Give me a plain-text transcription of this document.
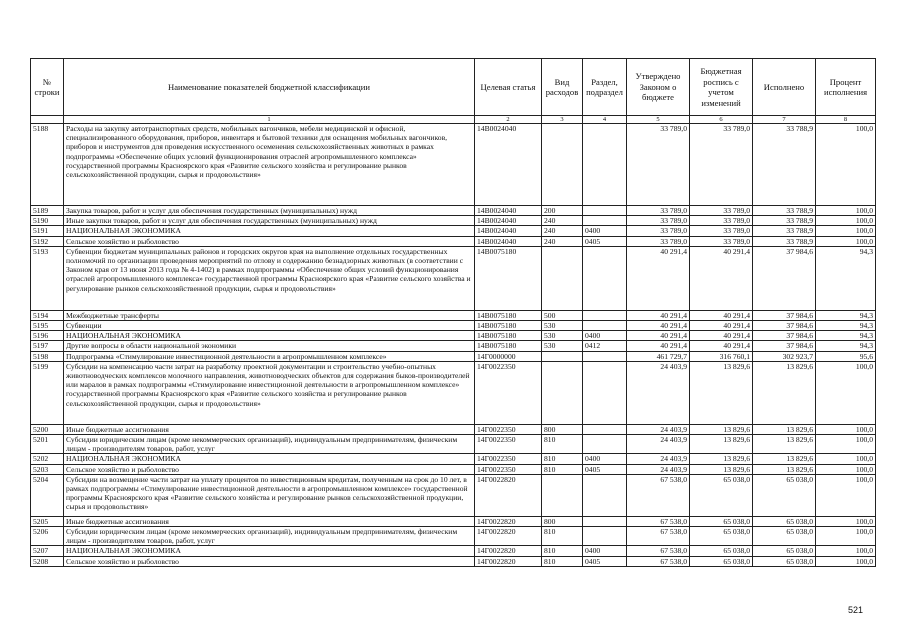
№
строки	Наименование показателей бюджетной классификации	Целевая статья	Вид расходов	Раздел, подраздел	Утверждено Законом о бюджете	Бюджетная роспись с учетом изменений	Исполнено	Процент исполнения
	1	2	3	4	5	6	7	8
5188	Расходы на закупку автотранспортных средств, мобильных вагончиков, мебели медицинской и офисной, специализированного оборудования, приборов, инвентаря и бытовой техники для оснащения мобильных вагончиков, приборов и инструментов для проведения искусственного осеменения сельскохозяйственных животных в рамках подпрограммы «Обеспечение общих условий функционирования отраслей агропромышленного комплекса» государственной программы Красноярского края «Развитие сельского хозяйства и регулирование рынков сельскохозяйственной продукции, сырья и продовольствия»	14В0024040			33 789,0	33 789,0	33 788,9	100,0
5189	Закупка товаров, работ и услуг для обеспечения государственных (муниципальных) нужд	14В0024040	200		33 789,0	33 789,0	33 788,9	100,0
5190	Иные закупки товаров, работ и услуг для обеспечения государственных (муниципальных) нужд	14В0024040	240		33 789,0	33 789,0	33 788,9	100,0
5191	НАЦИОНАЛЬНАЯ ЭКОНОМИКА	14В0024040	240	0400	33 789,0	33 789,0	33 788,9	100,0
5192	Сельское хозяйство и рыболовство	14В0024040	240	0405	33 789,0	33 789,0	33 788,9	100,0
5193	Субвенции бюджетам муниципальных районов и городских округов края на выполнение отдельных государственных полномочий по организации проведения мероприятий по отлову и содержанию безнадзорных животных (в соответствии с Законом края от 13 июня 2013 года № 4-1402) в рамках подпрограммы «Обеспечение общих условий функционирования отраслей агропромышленного комплекса» государственной программы Красноярского края «Развитие сельского хозяйства и регулирование рынков сельскохозяйственной продукции, сырья и продовольствия»	14В0075180			40 291,4	40 291,4	37 984,6	94,3
5194	Межбюджетные трансферты	14В0075180	500		40 291,4	40 291,4	37 984,6	94,3
5195	Субвенции	14В0075180	530		40 291,4	40 291,4	37 984,6	94,3
5196	НАЦИОНАЛЬНАЯ ЭКОНОМИКА	14В0075180	530	0400	40 291,4	40 291,4	37 984,6	94,3
5197	Другие вопросы в области национальной экономики	14В0075180	530	0412	40 291,4	40 291,4	37 984,6	94,3
5198	Подпрограмма «Стимулирование инвестиционной деятельности в агропромышленном комплексе»	14Г0000000			461 729,7	316 760,1	302 923,7	95,6
5199	Субсидии на компенсацию части затрат на разработку проектной документации и строительство учебно-опытных животноводческих комплексов молочного направления, животноводческих объектов для содержания быков-производителей или маралов в рамках подпрограммы «Стимулирование инвестиционной деятельности в агропромышленном комплексе» государственной программы Красноярского края «Развитие сельского хозяйства и регулирование рынков сельскохозяйственной продукции, сырья и продовольствия»	14Г0022350			24 403,9	13 829,6	13 829,6	100,0
5200	Иные бюджетные ассигнования	14Г0022350	800		24 403,9	13 829,6	13 829,6	100,0
5201	Субсидии юридическим лицам (кроме некоммерческих организаций), индивидуальным предпринимателям, физическим лицам - производителям товаров, работ, услуг	14Г0022350	810		24 403,9	13 829,6	13 829,6	100,0
5202	НАЦИОНАЛЬНАЯ ЭКОНОМИКА	14Г0022350	810	0400	24 403,9	13 829,6	13 829,6	100,0
5203	Сельское хозяйство и рыболовство	14Г0022350	810	0405	24 403,9	13 829,6	13 829,6	100,0
5204	Субсидии на возмещение части затрат на уплату процентов по инвестиционным кредитам, полученным на срок до 10 лет, в рамках подпрограммы «Стимулирование инвестиционной деятельности в агропромышленном комплексе» государственной программы Красноярского края «Развитие сельского хозяйства и регулирование рынков сельскохозяйственной продукции, сырья и продовольствия»	14Г0022820			67 538,0	65 038,0	65 038,0	100,0
5205	Иные бюджетные ассигнования	14Г0022820	800		67 538,0	65 038,0	65 038,0	100,0
5206	Субсидии юридическим лицам (кроме некоммерческих организаций), индивидуальным предпринимателям, физическим лицам - производителям товаров, работ, услуг	14Г0022820	810		67 538,0	65 038,0	65 038,0	100,0
5207	НАЦИОНАЛЬНАЯ ЭКОНОМИКА	14Г0022820	810	0400	67 538,0	65 038,0	65 038,0	100,0
5208	Сельское хозяйство и рыболовство	14Г0022820	810	0405	67 538,0	65 038,0	65 038,0	100,0
521
